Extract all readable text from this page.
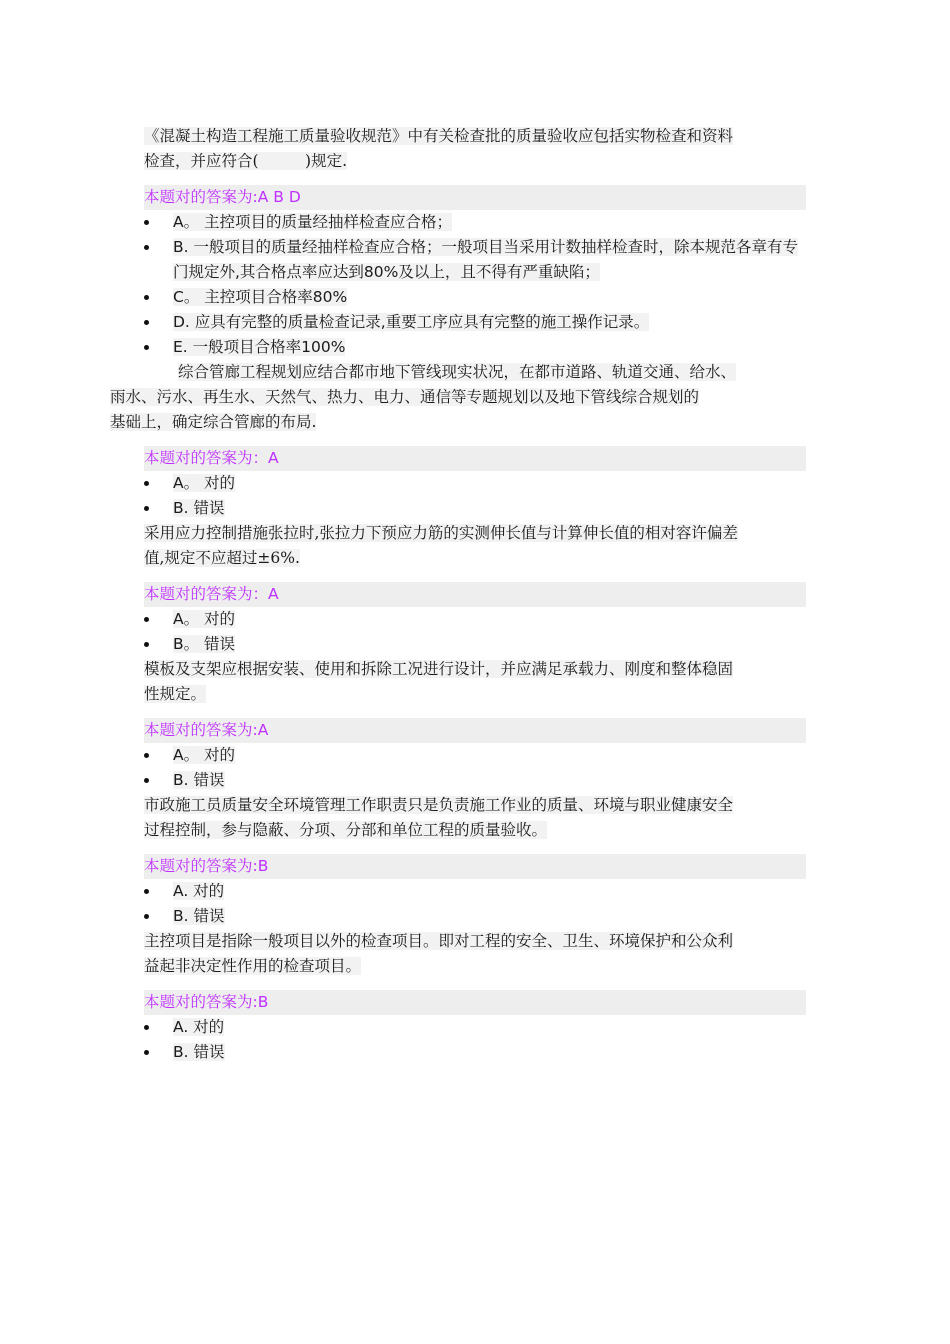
《混凝土构造工程施工质量验收规范》中有关检查批的质量验收应包括实物检查和资料
检查，并应符合(　　　)规定.

本题对的答案为:A B D
A。 主控项目的质量经抽样检查应合格；
B. 一般项目的质量经抽样检查应合格；一般项目当采用计数抽样检查时，除本规范各章有专门规定外,其合格点率应达到80%及以上，且不得有严重缺陷；
C。 主控项目合格率80%
D. 应具有完整的质量检查记录,重要工序应具有完整的施工操作记录。
E. 一般项目合格率100%

综合管廊工程规划应结合都市地下管线现实状况，在都市道路、轨道交通、给水、
雨水、污水、再生水、天然气、热力、电力、通信等专题规划以及地下管线综合规划的
基础上，确定综合管廊的布局.

本题对的答案为：A
A。 对的
B. 错误

采用应力控制措施张拉时,张拉力下预应力筋的实测伸长值与计算伸长值的相对容许偏差
值,规定不应超过±6%.

本题对的答案为：A
A。 对的
B。 错误

模板及支架应根据安装、使用和拆除工况进行设计，并应满足承载力、刚度和整体稳固
性规定。

本题对的答案为:A
A。 对的
B. 错误

市政施工员质量安全环境管理工作职责只是负责施工作业的质量、环境与职业健康安全
过程控制，参与隐蔽、分项、分部和单位工程的质量验收。

本题对的答案为:B
A. 对的
B. 错误

主控项目是指除一般项目以外的检查项目。即对工程的安全、卫生、环境保护和公众利
益起非决定性作用的检查项目。

本题对的答案为:B
A. 对的
B. 错误
